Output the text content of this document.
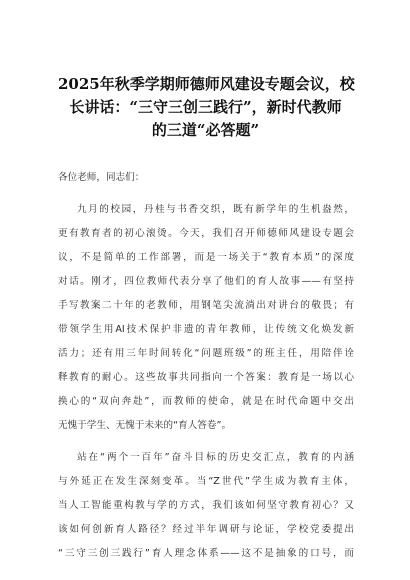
2025年秋季学期师德师风建设专题会议，校
长讲话：“三守三创三践行”，新时代教师
的三道“必答题”

各位老师，同志们：

九月的校园，丹桂与书香交织，既有新学年的生机盎然，
更有教育者的初心滚烫。今天，我们召开师德师风建设专题会
议，不是简单的工作部署，而是一场关于“教育本质”的深度
对话。刚才，四位教师代表分享了他们的育人故事——有坚持
手写教案二十年的老教师，用钢笔尖流淌出对讲台的敬畏；有
带领学生用AI技术保护非遗的青年教师，让传统文化焕发新
活力；还有用三年时间转化“问题班级”的班主任，用陪伴诠
释教育的耐心。这些故事共同指向一个答案：教育是一场以心
换心的“双向奔赴”，而教师的使命，就是在时代命题中交出
无愧于学生、无愧于未来的“育人答卷”。

站在“两个一百年”奋斗目标的历史交汇点，教育的内涵
与外延正在发生深刻变革。当“Z世代”学生成为教育主体，
当人工智能重构教与学的方式，我们该如何坚守教育初心？又
该如何创新育人路径？经过半年调研与论证，学校党委提出
“三守三创三践行”育人理念体系——这不是抽象的口号，而
